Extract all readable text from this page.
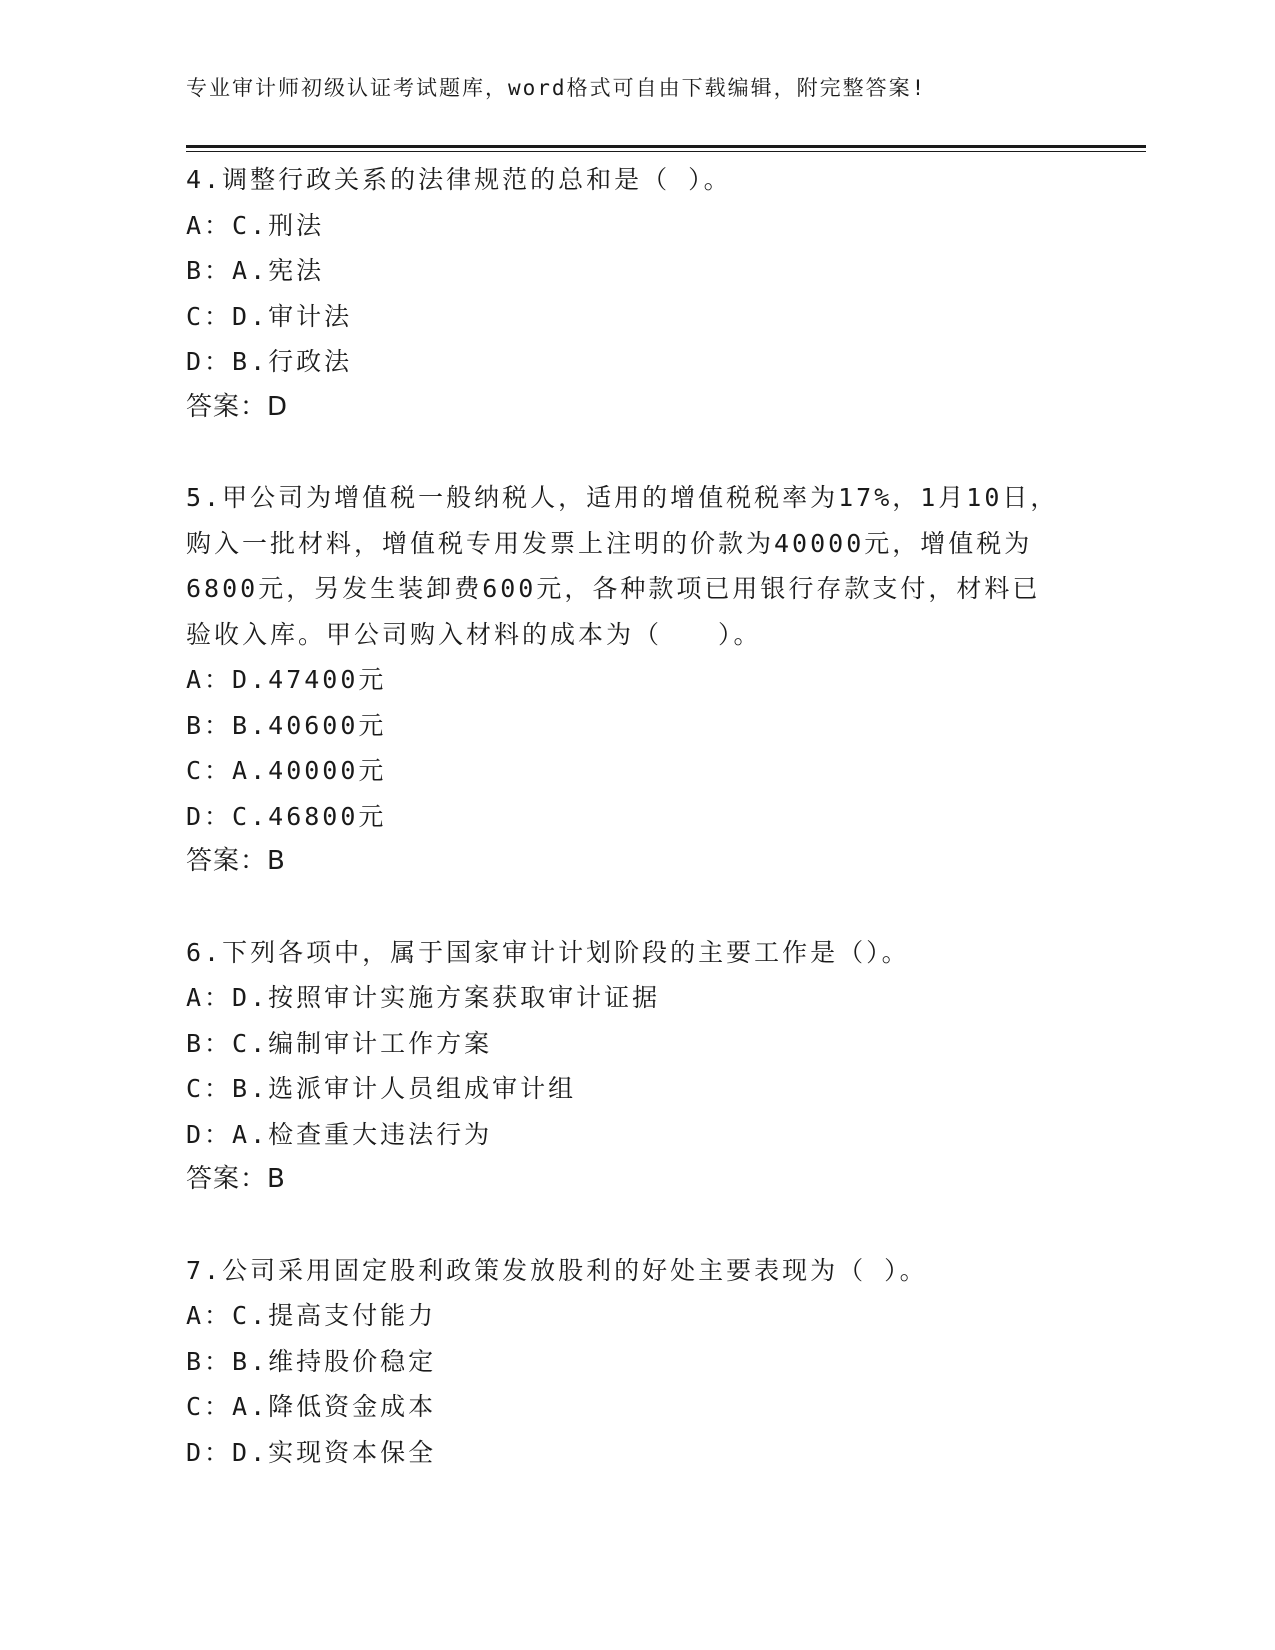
专业审计师初级认证考试题库，word格式可自由下载编辑，附完整答案!

4.调整行政关系的法律规范的总和是（ ）。

A：C.刑法

B：A.宪法

C：D.审计法

D：B.行政法

答案：D

5.甲公司为增值税一般纳税人，适用的增值税税率为17%，1月10日，购入一批材料，增值税专用发票上注明的价款为40000元，增值税为6800元，另发生装卸费600元，各种款项已用银行存款支付，材料已验收入库。甲公司购入材料的成本为（　　）。

A：D.47400元

B：B.40600元

C：A.40000元

D：C.46800元

答案：B

6.下列各项中，属于国家审计计划阶段的主要工作是（）。

A：D.按照审计实施方案获取审计证据

B：C.编制审计工作方案

C：B.选派审计人员组成审计组

D：A.检查重大违法行为

答案：B

7.公司采用固定股利政策发放股利的好处主要表现为（ ）。

A：C.提高支付能力

B：B.维持股价稳定

C：A.降低资金成本

D：D.实现资本保全
